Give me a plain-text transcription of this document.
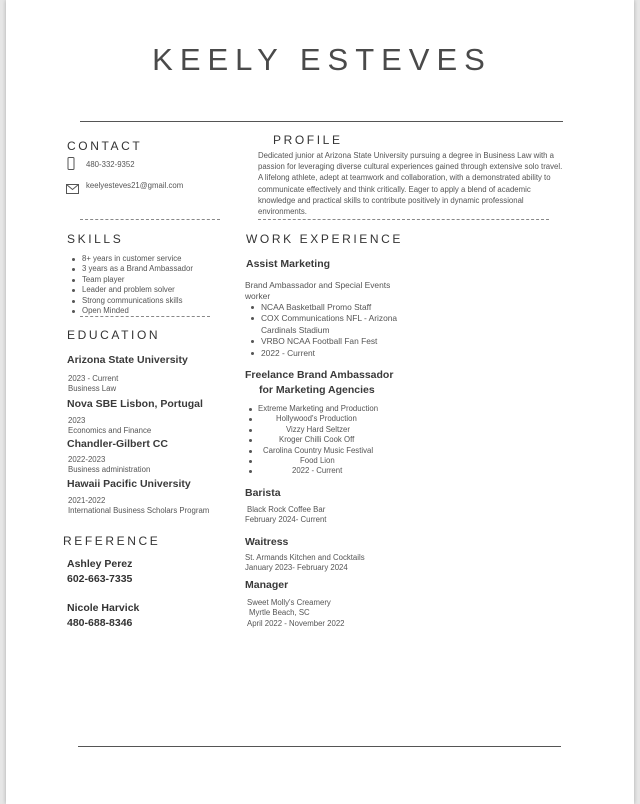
KEELY ESTEVES
CONTACT
480-332-9352
keelyesteves21@gmail.com
PROFILE
Dedicated junior at Arizona State University pursuing a degree in Business Law with a passion for leveraging diverse cultural experiences gained through extensive solo travel. A lifelong athlete, adept at teamwork and collaboration, with a demonstrated ability to communicate effectively and think critically. Eager to apply a blend of academic knowledge and practical skills to contribute positively in dynamic professional environments.
SKILLS
8+ years in customer service
3 years as a Brand Ambassador
Team player
Leader and problem solver
Strong communications skills
Open Minded
EDUCATION
Arizona State University
2023 - Current
Business Law
Nova SBE Lisbon, Portugal
2023
Economics and Finance
Chandler-Gilbert CC
2022-2023
Business administration
Hawaii Pacific University
2021-2022
International Business Scholars Program
REFERENCE
Ashley Perez
602-663-7335
Nicole Harvick
480-688-8346
WORK EXPERIENCE
Assist Marketing
Brand Ambassador and Special Events worker
NCAA Basketball Promo Staff
COX Communications NFL - Arizona Cardinals Stadium
VRBO NCAA Football Fan Fest
2022 - Current
Freelance Brand Ambassador
for Marketing Agencies
Extreme Marketing and Production
Hollywood's Production
Vizzy Hard Seltzer
Kroger Chilli Cook Off
Carolina Country Music Festival
Food Lion
2022 - Current
Barista
Black Rock Coffee Bar
February 2024- Current
Waitress
St. Armands Kitchen and Cocktails
January 2023- February 2024
Manager
Sweet Molly's Creamery
Myrtle Beach, SC
April 2022 - November 2022
